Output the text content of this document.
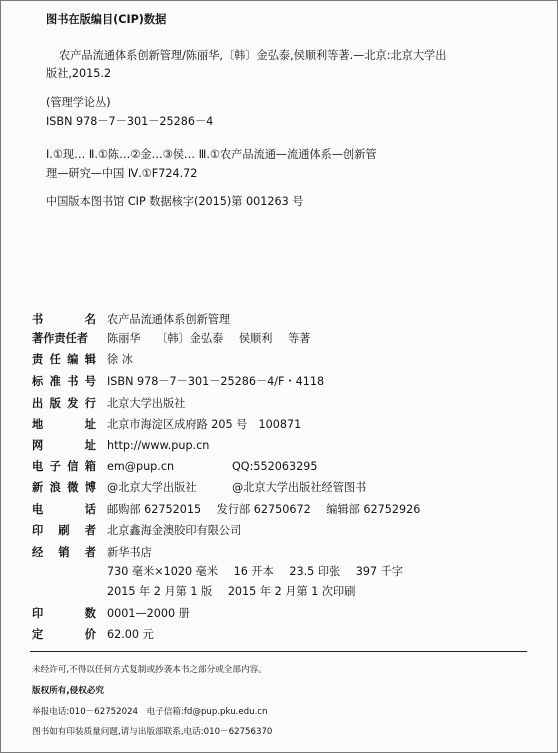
图书在版编目(CIP)数据
农产品流通体系创新管理/陈丽华,〔韩〕金弘泰,侯顺利等著.—北京:北京大学出
版社,2015.2
(管理学论丛)
ISBN 978－7－301－25286－4
Ⅰ.①现… Ⅱ.①陈…②金…③侯… Ⅲ.①农产品流通—流通体系—创新管
理—研究—中国 Ⅳ.①F724.72
中国版本图书馆 CIP 数据核字(2015)第 001263 号
书	名 农产品流通体系创新管理
著作责任者 陈丽华 〔韩〕金弘泰 侯顺利 等著
责 任 编 辑 徐 冰
标 准 书 号 ISBN 978－7－301－25286－4/F・4118
出 版 发 行 北京大学出版社
地	址 北京市海淀区成府路 205 号　100871
网	址 http://www.pup.cn
电 子 信 箱 em@pup.cn	QQ:552063295
新 浪 微 博 @北京大学出版社	@北京大学出版社经管图书
电	话 邮购部 62752015 发行部 62750672 编辑部 62752926
印 刷 者 北京鑫海金澳胶印有限公司
经 销 者 新华书店
730 毫米×1020 毫米 16 开本 23.5 印张 397 千字
2015 年 2 月第 1 版 2015 年 2 月第 1 次印刷
印	数 0001—2000 册
定	价 62.00 元
未经许可,不得以任何方式复制或抄袭本书之部分或全部内容。
版权所有,侵权必究
举报电话:010－62752024　电子信箱:fd@pup.pku.edu.cn
图书如有印装质量问题,请与出版部联系,电话:010－62756370
